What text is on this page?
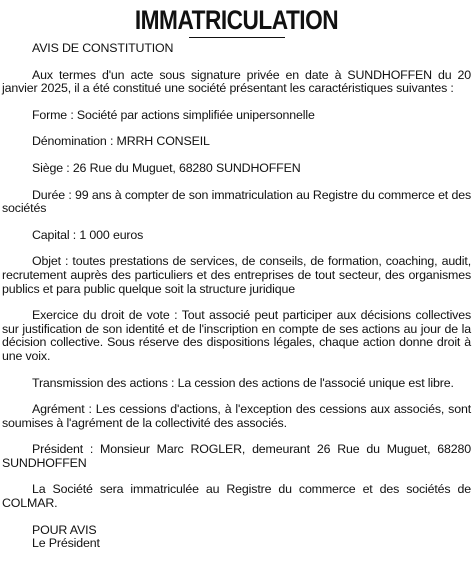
IMMATRICULATION

AVIS DE CONSTITUTION

Aux termes d'un acte sous signature privée en date à SUNDHOFFEN du 20 janvier 2025, il a été constitué une société présentant les caractéristiques suivantes :

Forme : Société par actions simplifiée unipersonnelle

Dénomination : MRRH CONSEIL

Siège : 26 Rue du Muguet, 68280 SUNDHOFFEN

Durée : 99 ans à compter de son immatriculation au Registre du commerce et des sociétés

Capital : 1 000 euros

Objet : toutes prestations de services, de conseils, de formation, coaching, audit, recrutement auprès des particuliers et des entreprises de tout secteur, des organismes publics et para public quelque soit la structure juridique

Exercice du droit de vote : Tout associé peut participer aux décisions collectives sur justification de son identité et de l'inscription en compte de ses actions au jour de la décision collective. Sous réserve des dispositions légales, chaque action donne droit à une voix.

Transmission des actions : La cession des actions de l'associé unique est libre.

Agrément : Les cessions d'actions, à l'exception des cessions aux associés, sont soumises à l'agrément de la collectivité des associés.

Président : Monsieur Marc ROGLER, demeurant 26 Rue du Muguet, 68280 SUNDHOFFEN

La Société sera immatriculée au Registre du commerce et des sociétés de COLMAR.

POUR AVIS

Le Président
